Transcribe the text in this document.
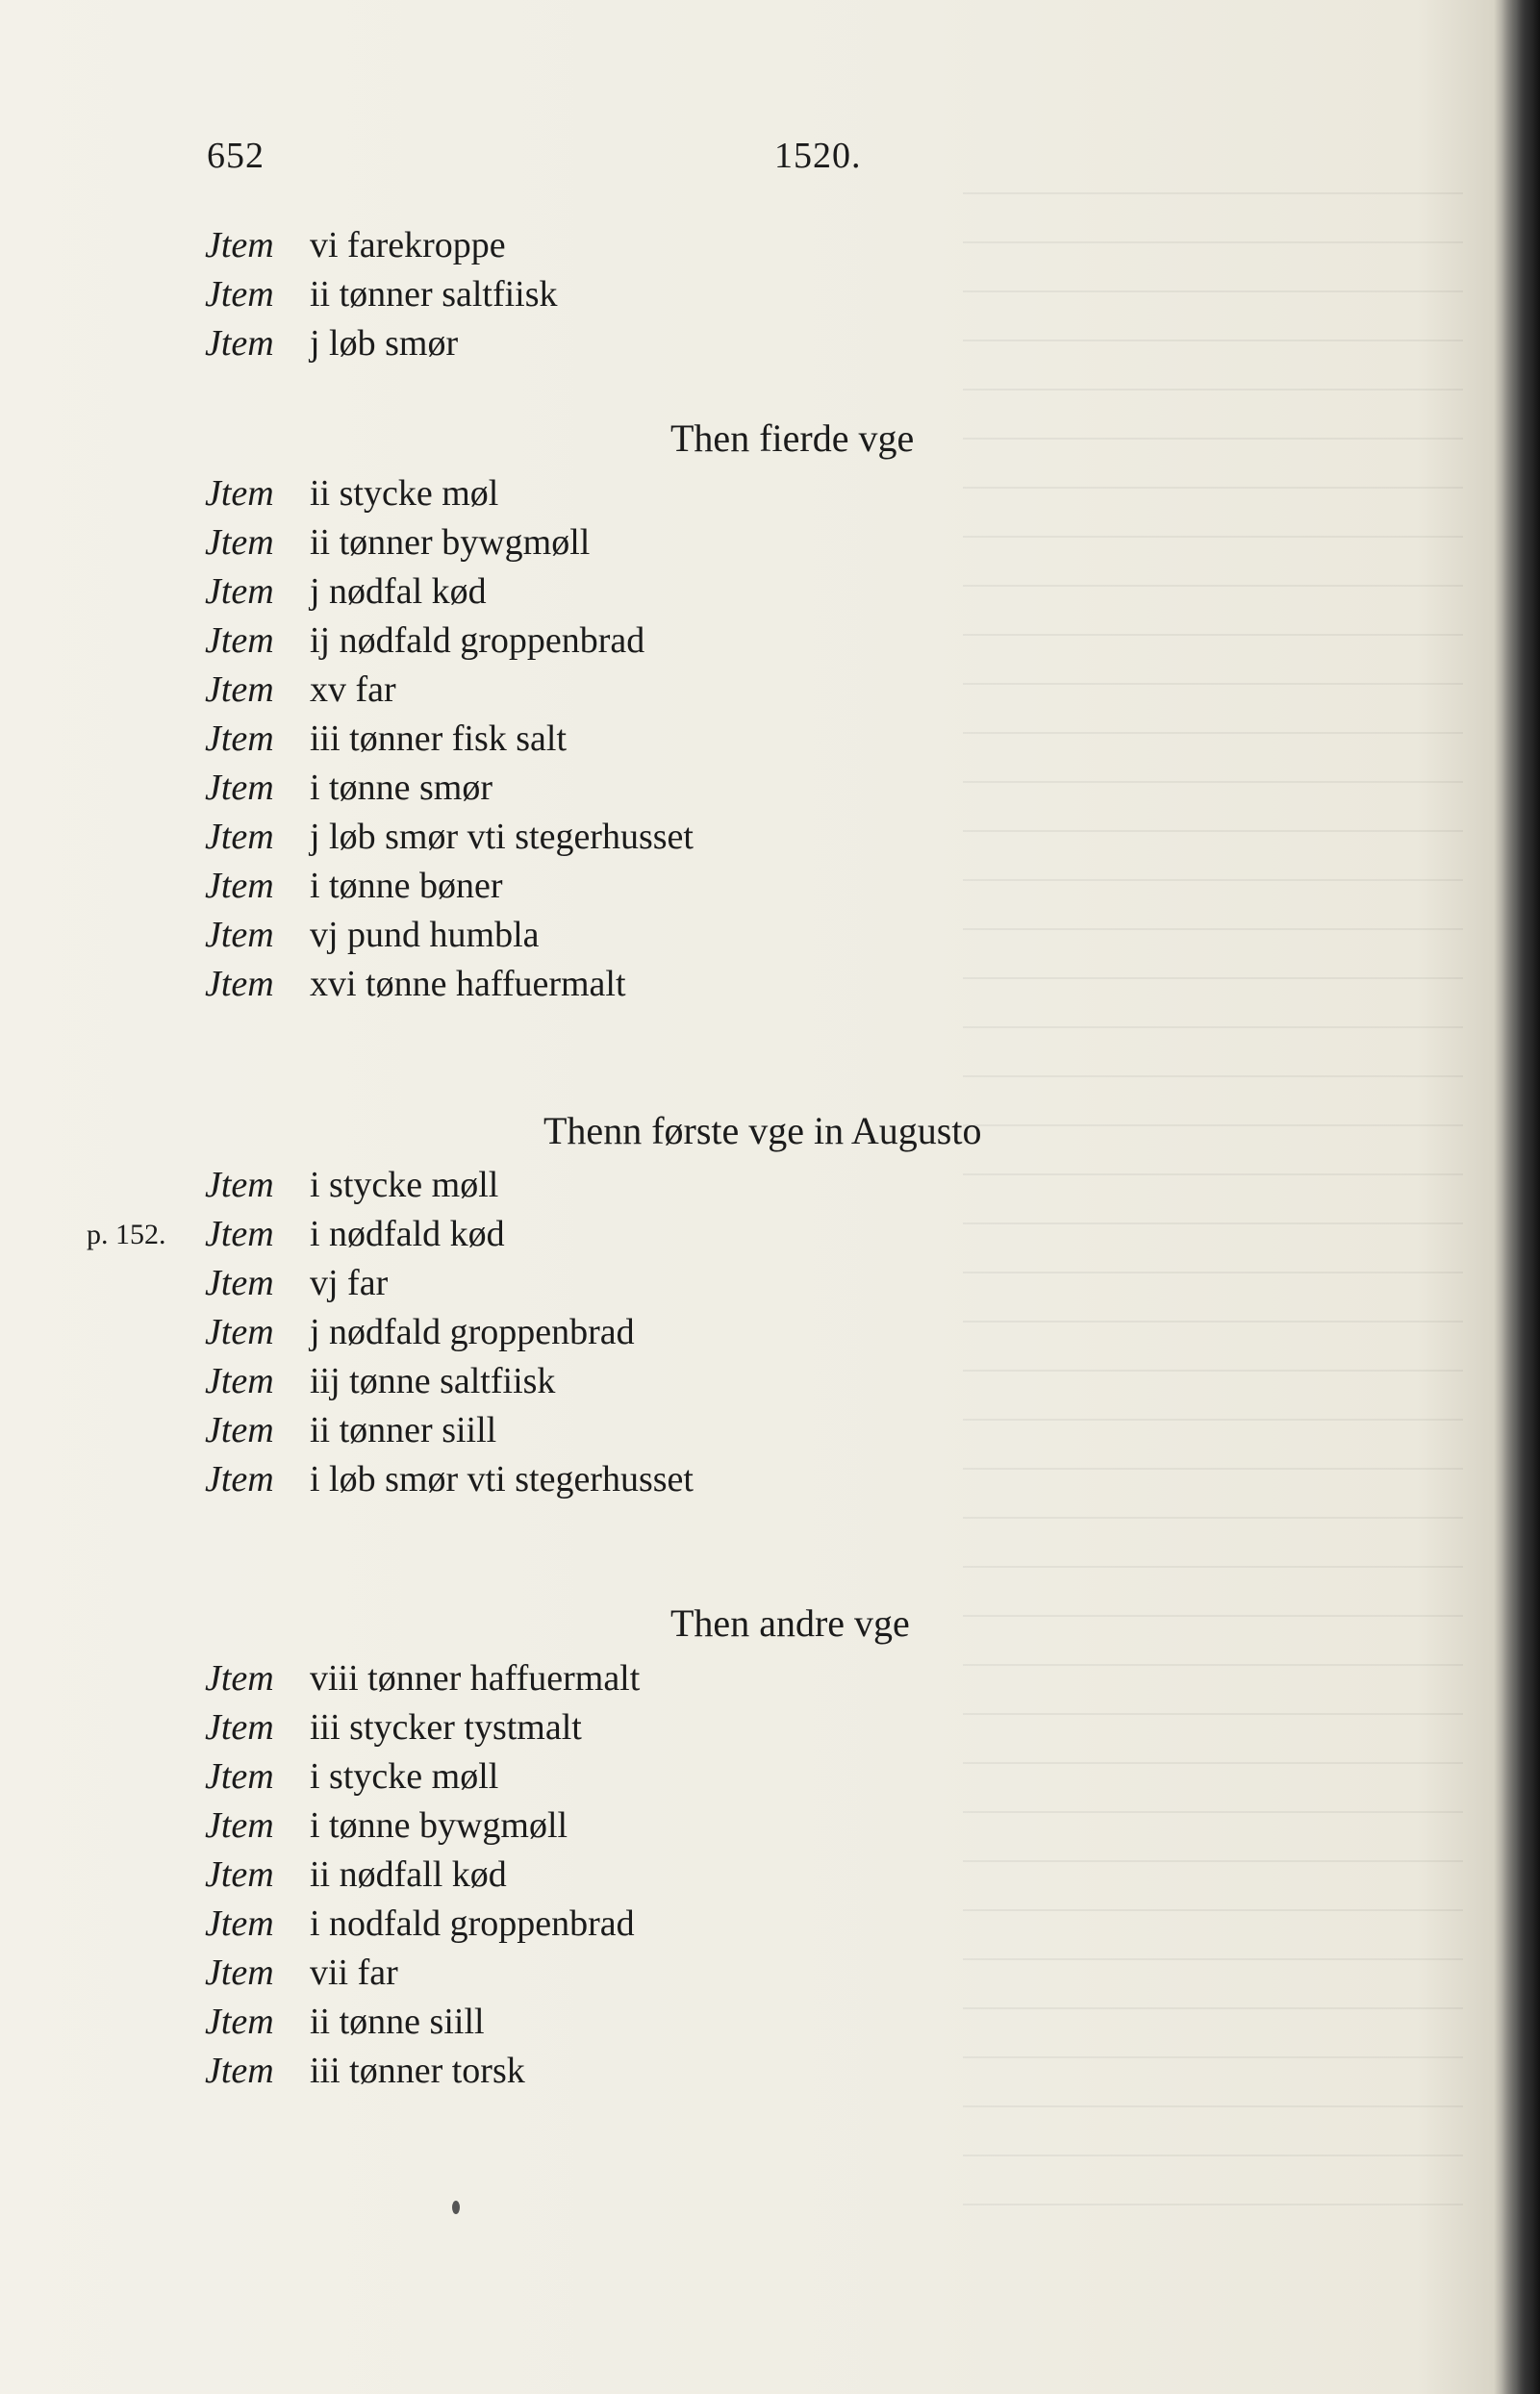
652	1520.
Jtem vi farekroppe
Jtem ii tønner saltfiisk
Jtem j løb smør
Then fierde vge
Jtem ii stycke møl
Jtem ii tønner bywgmøll
Jtem j nødfal kød
Jtem ij nødfald groppenbrad
Jtem xv far
Jtem iii tønner fisk salt
Jtem i tønne smør
Jtem j løb smør vti stegerhusset
Jtem i tønne bøner
Jtem vj pund humbla
Jtem xvi tønne haffuermalt
Thenn første vge in Augusto
p. 152.
Jtem i stycke møll
Jtem i nødfald kød
Jtem vj far
Jtem j nødfald groppenbrad
Jtem iij tønne saltfiisk
Jtem ii tønner siill
Jtem i løb smør vti stegerhusset
Then andre vge
Jtem viii tønner haffuermalt
Jtem iii stycker tystmalt
Jtem i stycke møll
Jtem i tønne bywgmøll
Jtem ii nødfall kød
Jtem i nodfald groppenbrad
Jtem vii far
Jtem ii tønne siill
Jtem iii tønner torsk
